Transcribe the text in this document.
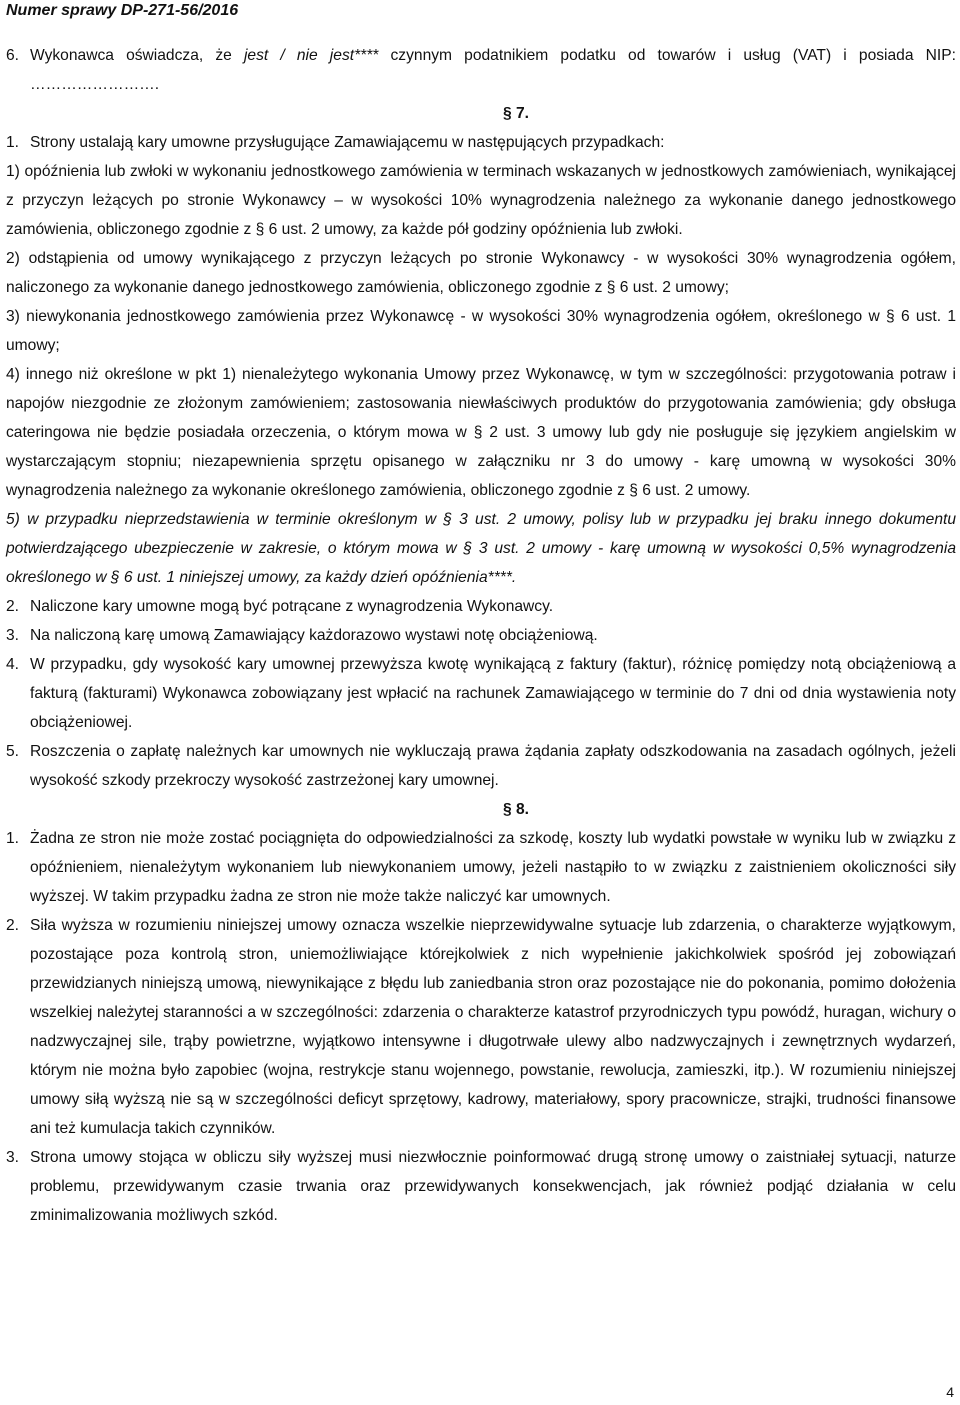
Numer sprawy DP-271-56/2016
6. Wykonawca oświadcza, że jest / nie jest**** czynnym podatnikiem podatku od towarów i usług (VAT) i posiada NIP: …………………….
§ 7.
1. Strony ustalają kary umowne przysługujące Zamawiającemu w następujących przypadkach:
1) opóźnienia lub zwłoki w wykonaniu jednostkowego zamówienia w terminach wskazanych w jednostkowych zamówieniach, wynikającej z przyczyn leżących po stronie Wykonawcy – w wysokości 10% wynagrodzenia należnego za wykonanie danego jednostkowego zamówienia, obliczonego zgodnie z § 6 ust. 2 umowy, za każde pół godziny opóźnienia lub zwłoki.
2) odstąpienia od umowy wynikającego z przyczyn leżących po stronie Wykonawcy - w wysokości 30% wynagrodzenia ogółem, naliczonego za wykonanie danego jednostkowego zamówienia, obliczonego zgodnie z § 6 ust. 2 umowy;
3) niewykonania jednostkowego zamówienia przez Wykonawcę - w wysokości 30% wynagrodzenia ogółem, określonego w § 6 ust. 1 umowy;
4) innego niż określone w pkt 1) nienależytego wykonania Umowy przez Wykonawcę, w tym w szczególności: przygotowania potraw i napojów niezgodnie ze złożonym zamówieniem; zastosowania niewłaściwych produktów do przygotowania zamówienia; gdy obsługa cateringowa nie będzie posiadała orzeczenia, o którym mowa w § 2 ust. 3 umowy lub gdy nie posługuje się językiem angielskim w wystarczającym stopniu; niezapewnienia sprzętu opisanego w załączniku nr 3 do umowy - karę umowną w wysokości 30% wynagrodzenia należnego za wykonanie określonego zamówienia, obliczonego zgodnie z § 6 ust. 2 umowy.
5) w przypadku nieprzedstawienia w terminie określonym w § 3 ust. 2 umowy, polisy lub w przypadku jej braku innego dokumentu potwierdzającego ubezpieczenie w zakresie, o którym mowa w § 3 ust. 2 umowy - karę umowną w wysokości 0,5% wynagrodzenia określonego w § 6 ust. 1 niniejszej umowy, za każdy dzień opóźnienia****.
2. Naliczone kary umowne mogą być potrącane z wynagrodzenia Wykonawcy.
3. Na naliczoną karę umową Zamawiający każdorazowo wystawi notę obciążeniową.
4. W przypadku, gdy wysokość kary umownej przewyższa kwotę wynikającą z faktury (faktur), różnicę pomiędzy notą obciążeniową a fakturą (fakturami) Wykonawca zobowiązany jest wpłacić na rachunek Zamawiającego w terminie do 7 dni od dnia wystawienia noty obciążeniowej.
5. Roszczenia o zapłatę należnych kar umownych nie wykluczają prawa żądania zapłaty odszkodowania na zasadach ogólnych, jeżeli wysokość szkody przekroczy wysokość zastrzeżonej kary umownej.
§ 8.
1. Żadna ze stron nie może zostać pociągnięta do odpowiedzialności za szkodę, koszty lub wydatki powstałe w wyniku lub w związku z opóźnieniem, nienależytym wykonaniem lub niewykonaniem umowy, jeżeli nastąpiło to w związku z zaistnieniem okoliczności siły wyższej. W takim przypadku żadna ze stron nie może także naliczyć kar umownych.
2. Siła wyższa w rozumieniu niniejszej umowy oznacza wszelkie nieprzewidywalne sytuacje lub zdarzenia, o charakterze wyjątkowym, pozostające poza kontrolą stron, uniemożliwiające którejkolwiek z nich wypełnienie jakichkolwiek spośród jej zobowiązań przewidzianych niniejszą umową, niewynikające z błędu lub zaniedbania stron oraz pozostające nie do pokonania, pomimo dołożenia wszelkiej należytej staranności a w szczególności: zdarzenia o charakterze katastrof przyrodniczych typu powódź, huragan, wichury o nadzwyczajnej sile, trąby powietrzne, wyjątkowo intensywne i długotrwałe ulewy albo nadzwyczajnych i zewnętrznych wydarzeń, którym nie można było zapobiec (wojna, restrykcje stanu wojennego, powstanie, rewolucja, zamieszki, itp.). W rozumieniu niniejszej umowy siłą wyższą nie są w szczególności deficyt sprzętowy, kadrowy, materiałowy, spory pracownicze, strajki, trudności finansowe ani też kumulacja takich czynników.
3. Strona umowy stojąca w obliczu siły wyższej musi niezwłocznie poinformować drugą stronę umowy o zaistniałej sytuacji, naturze problemu, przewidywanym czasie trwania oraz przewidywanych konsekwencjach, jak również podjąć działania w celu zminimalizowania możliwych szkód.
4
